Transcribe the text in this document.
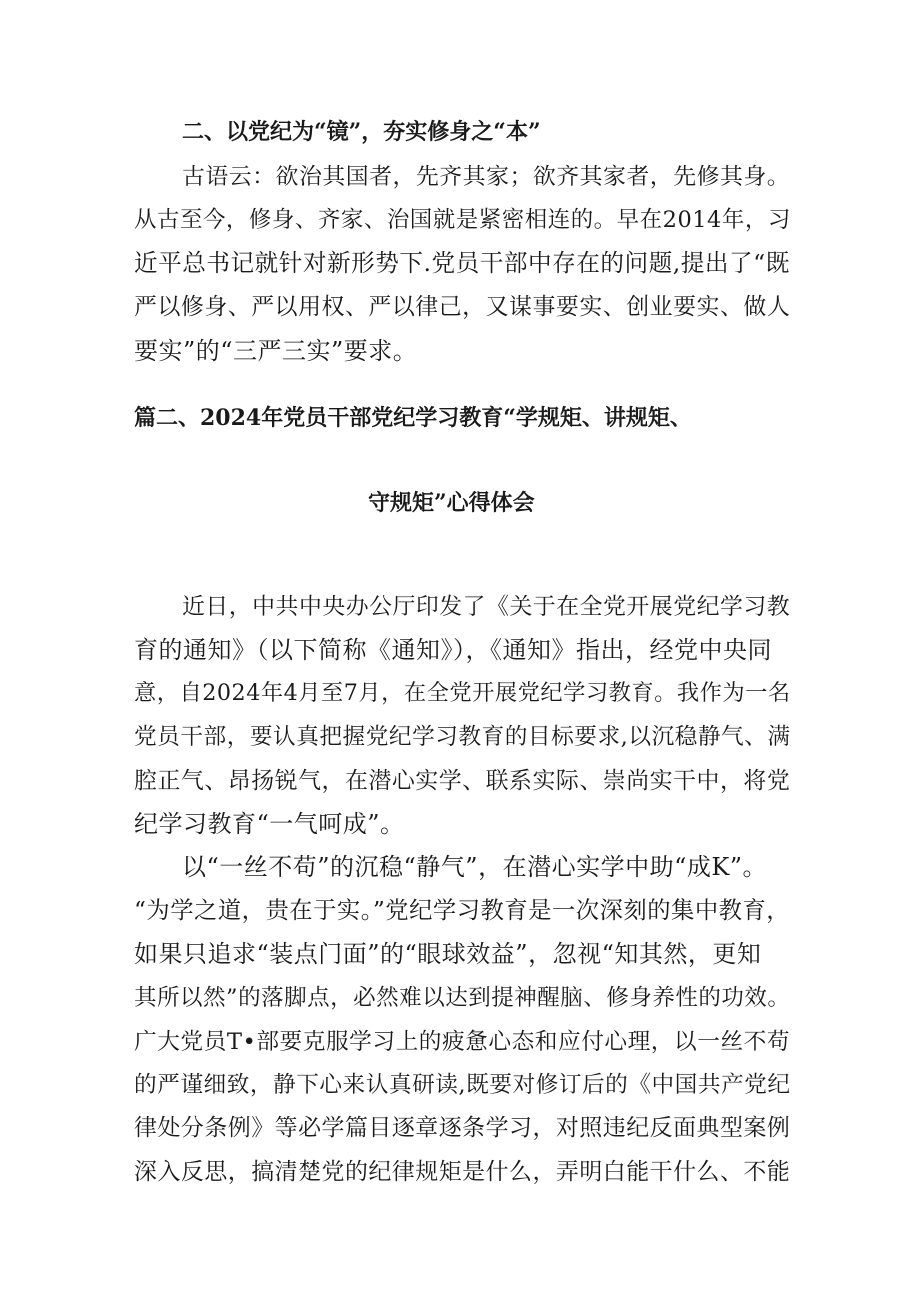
二、以党纪为“镜”，夯实修身之“本”
古语云：欲治其国者，先齐其家；欲齐其家者，先修其身。
从古至今，修身、齐家、治国就是紧密相连的。早在2014年，习
近平总书记就针对新形势下.党员干部中存在的问题,提出了“既
严以修身、严以用权、严以律己，又谋事要实、创业要实、做人
要实”的“三严三实”要求。
篇二、2024年党员干部党纪学习教育“学规矩、讲规矩、
守规矩”心得体会
近日，中共中央办公厅印发了《关于在全党开展党纪学习教
育的通知》（以下简称《通知》），《通知》指出，经党中央同
意，自2024年4月至7月，在全党开展党纪学习教育。我作为一名
党员干部，要认真把握党纪学习教育的目标要求,以沉稳静气、满
腔正气、昂扬锐气，在潜心实学、联系实际、崇尚实干中，将党
纪学习教育“一气呵成”。
以“一丝不苟”的沉稳“静气”，在潜心实学中助“成K”。
“为学之道，贵在于实。”党纪学习教育是一次深刻的集中教育，
如果只追求“装点门面”的“眼球效益”，忽视“知其然，更知
其所以然”的落脚点，必然难以达到提神醒脑、修身养性的功效。
广大党员T•部要克服学习上的疲惫心态和应付心理，以一丝不苟
的严谨细致，静下心来认真研读,既要对修订后的《中国共产党纪
律处分条例》等必学篇目逐章逐条学习，对照违纪反面典型案例
深入反思，搞清楚党的纪律规矩是什么，弄明白能干什么、不能
